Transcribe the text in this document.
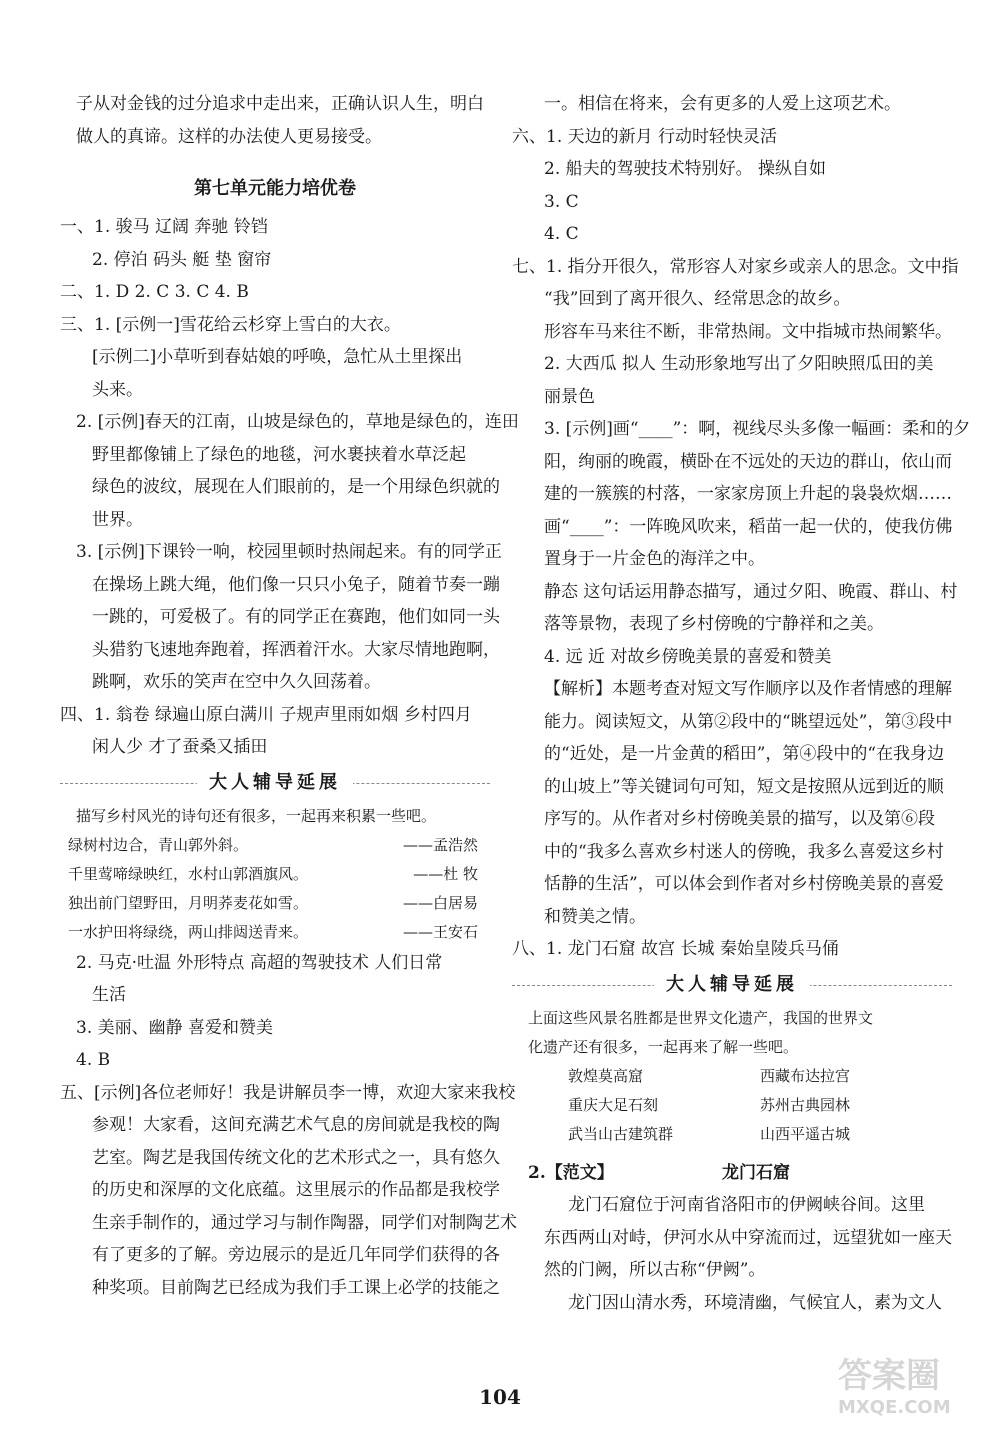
子从对金钱的过分追求中走出来，正确认识人生，明白
做人的真谛。这样的办法使人更易接受。
第七单元能力培优卷
一、1. 骏马 辽阔 奔驰 铃铛
2. 停泊 码头 艇 垫 窗帘
二、1. D 2. C 3. C 4. B
三、1. [示例一]雪花给云杉穿上雪白的大衣。
[示例二]小草听到春姑娘的呼唤，急忙从土里探出
头来。
2. [示例]春天的江南，山坡是绿色的，草地是绿色的，连田
野里都像铺上了绿色的地毯，河水裹挟着水草泛起
绿色的波纹，展现在人们眼前的，是一个用绿色织就的
世界。
3. [示例]下课铃一响，校园里顿时热闹起来。有的同学正
在操场上跳大绳，他们像一只只小兔子，随着节奏一蹦
一跳的，可爱极了。有的同学正在赛跑，他们如同一头
头猎豹飞速地奔跑着，挥洒着汗水。大家尽情地跑啊，
跳啊，欢乐的笑声在空中久久回荡着。
四、1. 翁卷 绿遍山原白满川 子规声里雨如烟 乡村四月
闲人少 才了蚕桑又插田
大人辅导延展
描写乡村风光的诗句还有很多，一起再来积累一些吧。
绿树村边合，青山郭外斜。	——孟浩然
千里莺啼绿映红，水村山郭酒旗风。	——杜 牧
独出前门望野田，月明荞麦花如雪。	——白居易
一水护田将绿绕，两山排闼送青来。	——王安石
2. 马克·吐温 外形特点 高超的驾驶技术 人们日常
生活
3. 美丽、幽静 喜爱和赞美
4. B
五、[示例]各位老师好！我是讲解员李一博，欢迎大家来我校
参观！大家看，这间充满艺术气息的房间就是我校的陶
艺室。陶艺是我国传统文化的艺术形式之一，具有悠久
的历史和深厚的文化底蕴。这里展示的作品都是我校学
生亲手制作的，通过学习与制作陶器，同学们对制陶艺术
有了更多的了解。旁边展示的是近几年同学们获得的各
种奖项。目前陶艺已经成为我们手工课上必学的技能之
一。相信在将来，会有更多的人爱上这项艺术。
六、1. 天边的新月 行动时轻快灵活
2. 船夫的驾驶技术特别好。 操纵自如
3. C
4. C
七、1. 指分开很久，常形容人对家乡或亲人的思念。文中指
“我”回到了离开很久、经常思念的故乡。
形容车马来往不断，非常热闹。文中指城市热闹繁华。
2. 大西瓜 拟人 生动形象地写出了夕阳映照瓜田的美
丽景色
3. [示例]画“____”：啊，视线尽头多像一幅画：柔和的夕
阳，绚丽的晚霞，横卧在不远处的天边的群山，依山而
建的一簇簇的村落，一家家房顶上升起的袅袅炊烟……
画“____”：一阵晚风吹来，稻苗一起一伏的，使我仿佛
置身于一片金色的海洋之中。
静态 这句话运用静态描写，通过夕阳、晚霞、群山、村
落等景物，表现了乡村傍晚的宁静祥和之美。
4. 远 近 对故乡傍晚美景的喜爱和赞美
【解析】本题考查对短文写作顺序以及作者情感的理解
能力。阅读短文，从第②段中的“眺望远处”，第③段中
的“近处，是一片金黄的稻田”，第④段中的“在我身边
的山坡上”等关键词句可知，短文是按照从远到近的顺
序写的。从作者对乡村傍晚美景的描写，以及第⑥段
中的“我多么喜欢乡村迷人的傍晚，我多么喜爱这乡村
恬静的生活”，可以体会到作者对乡村傍晚美景的喜爱
和赞美之情。
八、1. 龙门石窟 故宫 长城 秦始皇陵兵马俑
大人辅导延展
上面这些风景名胜都是世界文化遗产，我国的世界文
化遗产还有很多，一起再来了解一些吧。
敦煌莫高窟	西藏布达拉宫
重庆大足石刻	苏州古典园林
武当山古建筑群	山西平遥古城
2.【范文】	龙门石窟
龙门石窟位于河南省洛阳市的伊阙峡谷间。这里
东西两山对峙，伊河水从中穿流而过，远望犹如一座天
然的门阙，所以古称“伊阙”。
龙门因山清水秀，环境清幽，气候宜人，素为文人
104
答案圈
MXQE.COM
